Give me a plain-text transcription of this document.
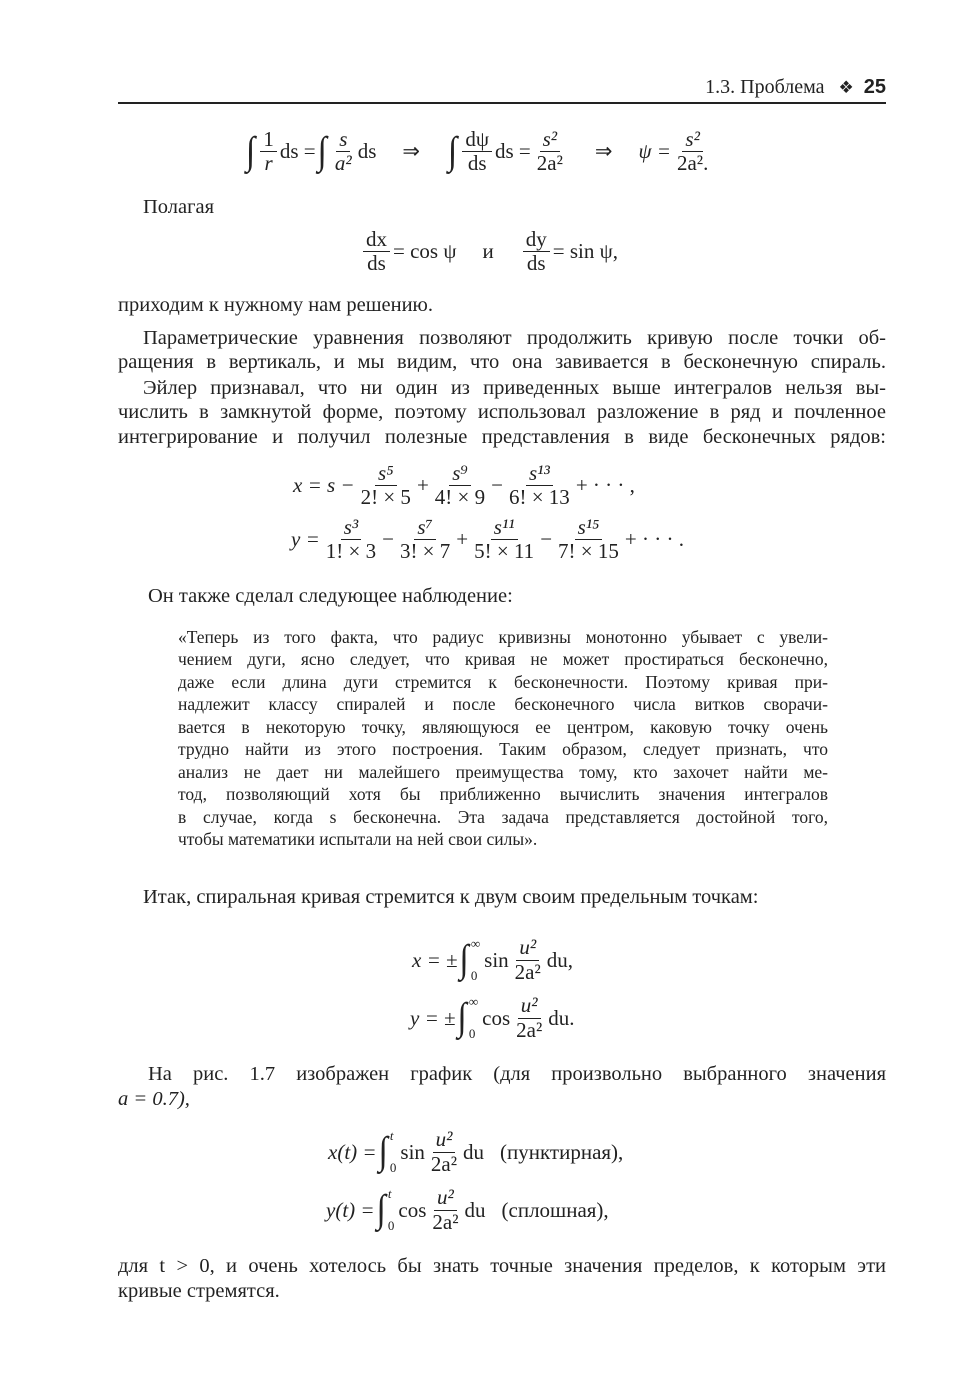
1.3. Проблема ❖ 25
∫ $\frac{1}{r}$ ds = ∫ $\frac{s}{\text{a²}}$ ds ⇒ ∫ $\frac{d\psi}{ds}$ ds = $\frac{\text{s²}}{\text{2a²}}$ ⇒ $\psi = \frac{\text{s²}}{\text{2a².}}$
Полагая
$\frac{dx}{ds} = \cos \psi$ и $\frac{dy}{ds} = \sin \psi$,
приходим к нужному нам решению.
Параметрические уравнения позволяют продолжить кривую после точки об-
ращения в вертикаль, и мы видим, что она завивается в бесконечную спираль.
Эйлер признавал, что ни один из приведенных выше интегралов нельзя вы-
числить в замкнутой форме, поэтому использовал разложение в ряд и почленное
интегрирование и получил полезные представления в виде бесконечных рядов:
$x = s - \frac{\text{s⁵}}{2! \times 5} + \frac{\text{s⁹}}{4! \times 9} - \frac{\text{s¹³}}{6! \times 13}$ + · · · ,
$y = \frac{\text{s³}}{1! \times 3} - \frac{\text{s⁷}}{3! \times 7} + \frac{\text{s¹¹}}{5! \times 11} - \frac{\text{s¹⁵}}{7! \times 15}$ + · · · .
Он также сделал следующее наблюдение:
«Теперь из того факта, что радиус кривизны монотонно убывает с увели-
чением дуги, ясно следует, что кривая не может простираться бесконечно,
даже если длина дуги стремится к бесконечности. Поэтому кривая при-
надлежит классу спиралей и после бесконечного числа витков сворачи-
вается в некоторую точку, являющуюся ее центром, каковую точку очень
трудно найти из этого построения. Таким образом, следует признать, что
анализ не дает ни малейшего преимущества тому, кто захочет найти ме-
тод, позволяющий хотя бы приближенно вычислить значения интегралов
в случае, когда s бесконечна. Эта задача представляется достойной того,
чтобы математики испытали на ней свои силы».
Итак, спиральная кривая стремится к двум своим предельным точкам:
x = ± ∫ ∞
0
$\sin \frac{\text{u²}}{\text{2a²}}$ du,
y = ± ∫ ∞
0
$\cos \frac{\text{u²}}{\text{2a²}}$ du.
На рис. 1.7 изображен график (для произвольно выбранного значения
a = 0.7),
x(t) = ∫ t
0
$\sin \frac{\text{u²}}{\text{2a²}}$ du (пунктирная),
y(t) = ∫ t
0
$\cos \frac{\text{u²}}{\text{2a²}}$ du (сплошная),
для t > 0, и очень хотелось бы знать точные значения пределов, к которым эти
кривые стремятся.
